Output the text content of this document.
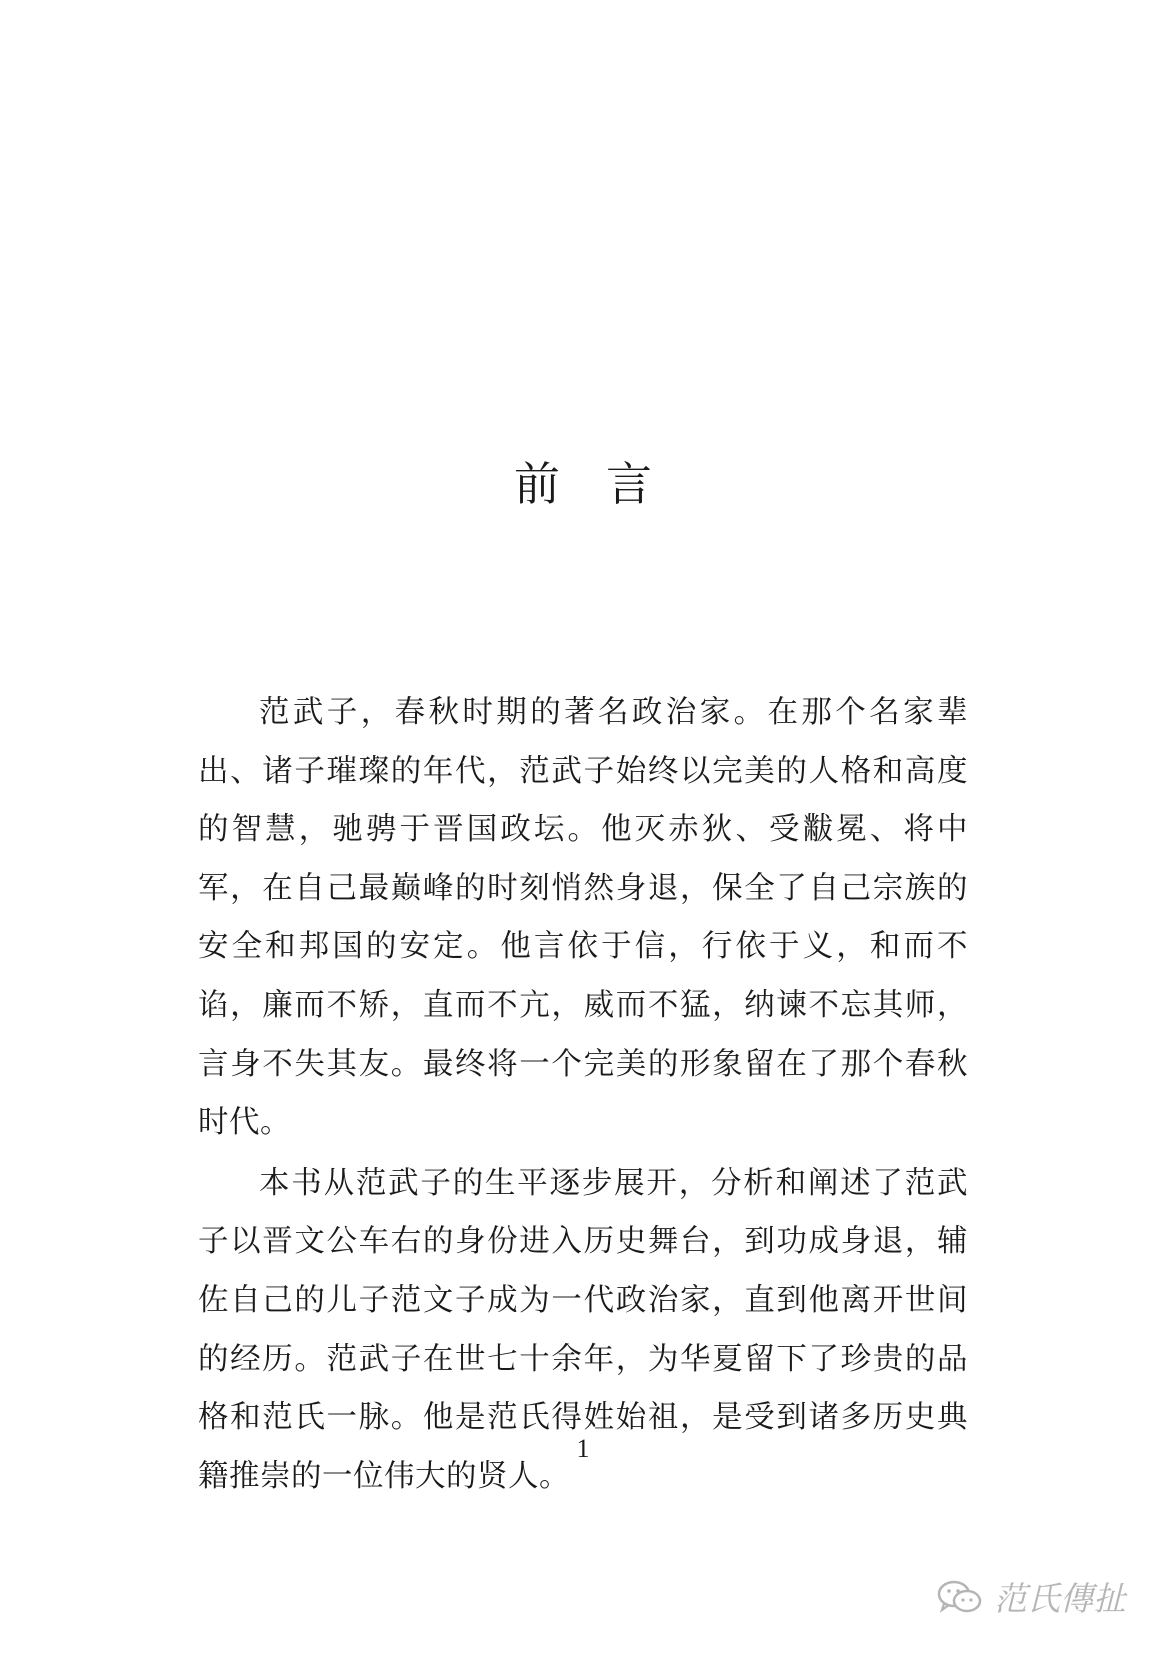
前言

范武子，春秋时期的著名政治家。在那个名家辈出、诸子璀璨的年代，范武子始终以完美的人格和高度的智慧，驰骋于晋国政坛。他灭赤狄、受黻冕、将中军，在自己最巅峰的时刻悄然身退，保全了自己宗族的安全和邦国的安定。他言依于信，行依于义，和而不谄，廉而不矫，直而不亢，威而不猛，纳谏不忘其师，言身不失其友。最终将一个完美的形象留在了那个春秋时代。

本书从范武子的生平逐步展开，分析和阐述了范武子以晋文公车右的身份进入历史舞台，到功成身退，辅佐自己的儿子范文子成为一代政治家，直到他离开世间的经历。范武子在世七十余年，为华夏留下了珍贵的品格和范氏一脉。他是范氏得姓始祖，是受到诸多历史典籍推崇的一位伟大的贤人。

1
范氏傳扯
